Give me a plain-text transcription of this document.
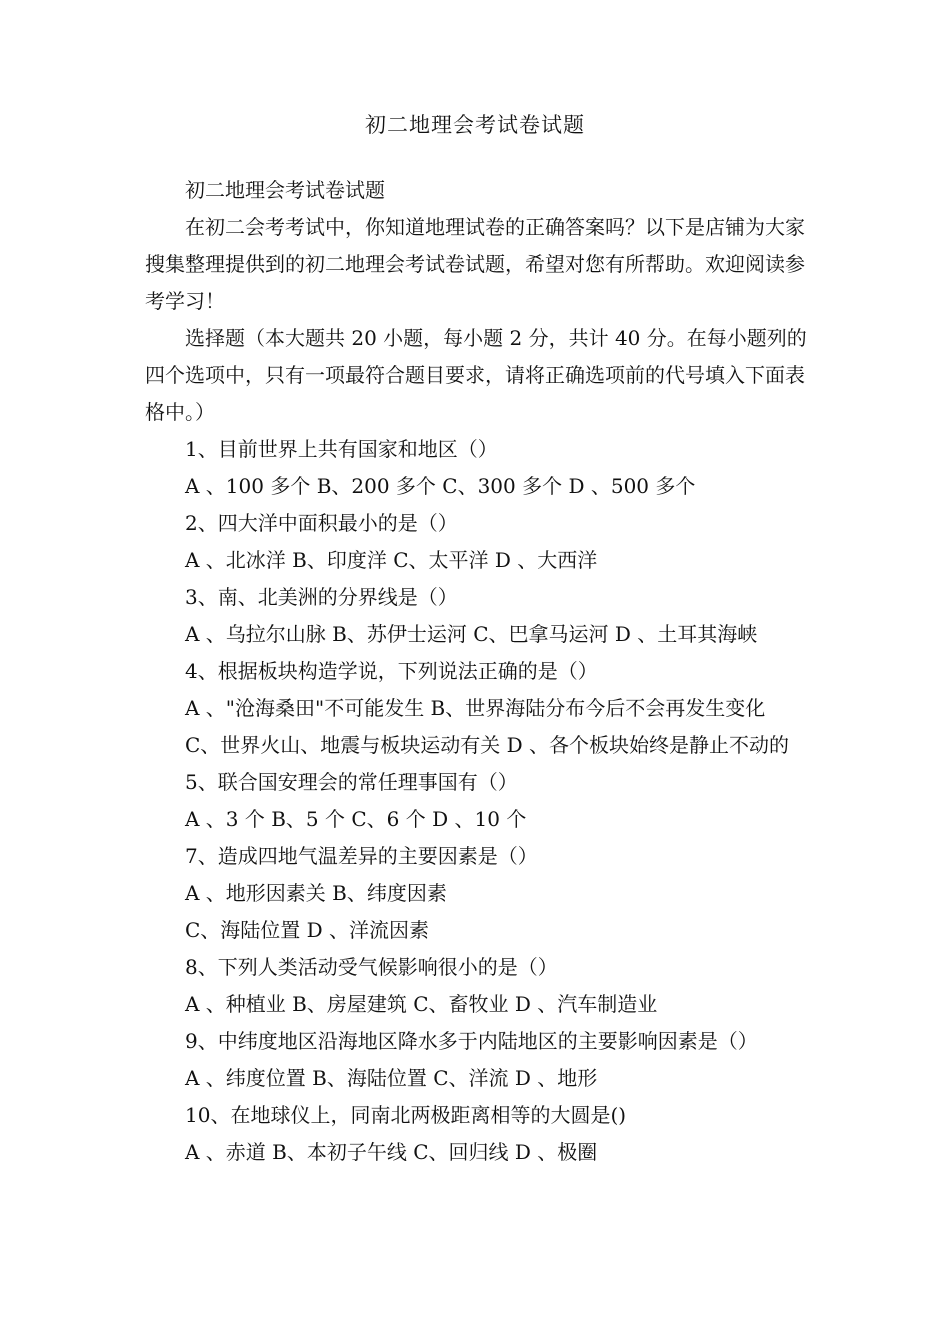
初二地理会考试卷试题

初二地理会考试卷试题

在初二会考考试中，你知道地理试卷的正确答案吗？以下是店铺为大家搜集整理提供到的初二地理会考试卷试题，希望对您有所帮助。欢迎阅读参考学习！

选择题（本大题共 20 小题，每小题 2 分，共计 40 分。在每小题列的四个选项中，只有一项最符合题目要求，请将正确选项前的代号填入下面表格中。）

1、目前世界上共有国家和地区（）

A 、100 多个 B、200 多个 C、300 多个 D 、500 多个

2、四大洋中面积最小的是（）

A 、北冰洋 B、印度洋 C、太平洋 D 、大西洋

3、南、北美洲的分界线是（）

A 、乌拉尔山脉 B、苏伊士运河 C、巴拿马运河 D 、土耳其海峡

4、根据板块构造学说，下列说法正确的是（）

A 、"沧海桑田"不可能发生 B、世界海陆分布今后不会再发生变化

C、世界火山、地震与板块运动有关 D 、各个板块始终是静止不动的

5、联合国安理会的常任理事国有（）

A 、3 个 B、5 个 C、6 个 D 、10 个

7、造成四地气温差异的主要因素是（）

A 、地形因素关 B、纬度因素

C、海陆位置 D 、洋流因素

8、下列人类活动受气候影响很小的是（）

A 、种植业 B、房屋建筑 C、畜牧业 D 、汽车制造业

9、中纬度地区沿海地区降水多于内陆地区的主要影响因素是（）

A 、纬度位置 B、海陆位置 C、洋流 D 、地形

10、在地球仪上，同南北两极距离相等的大圆是()

A 、赤道 B、本初子午线 C、回归线 D 、极圈
